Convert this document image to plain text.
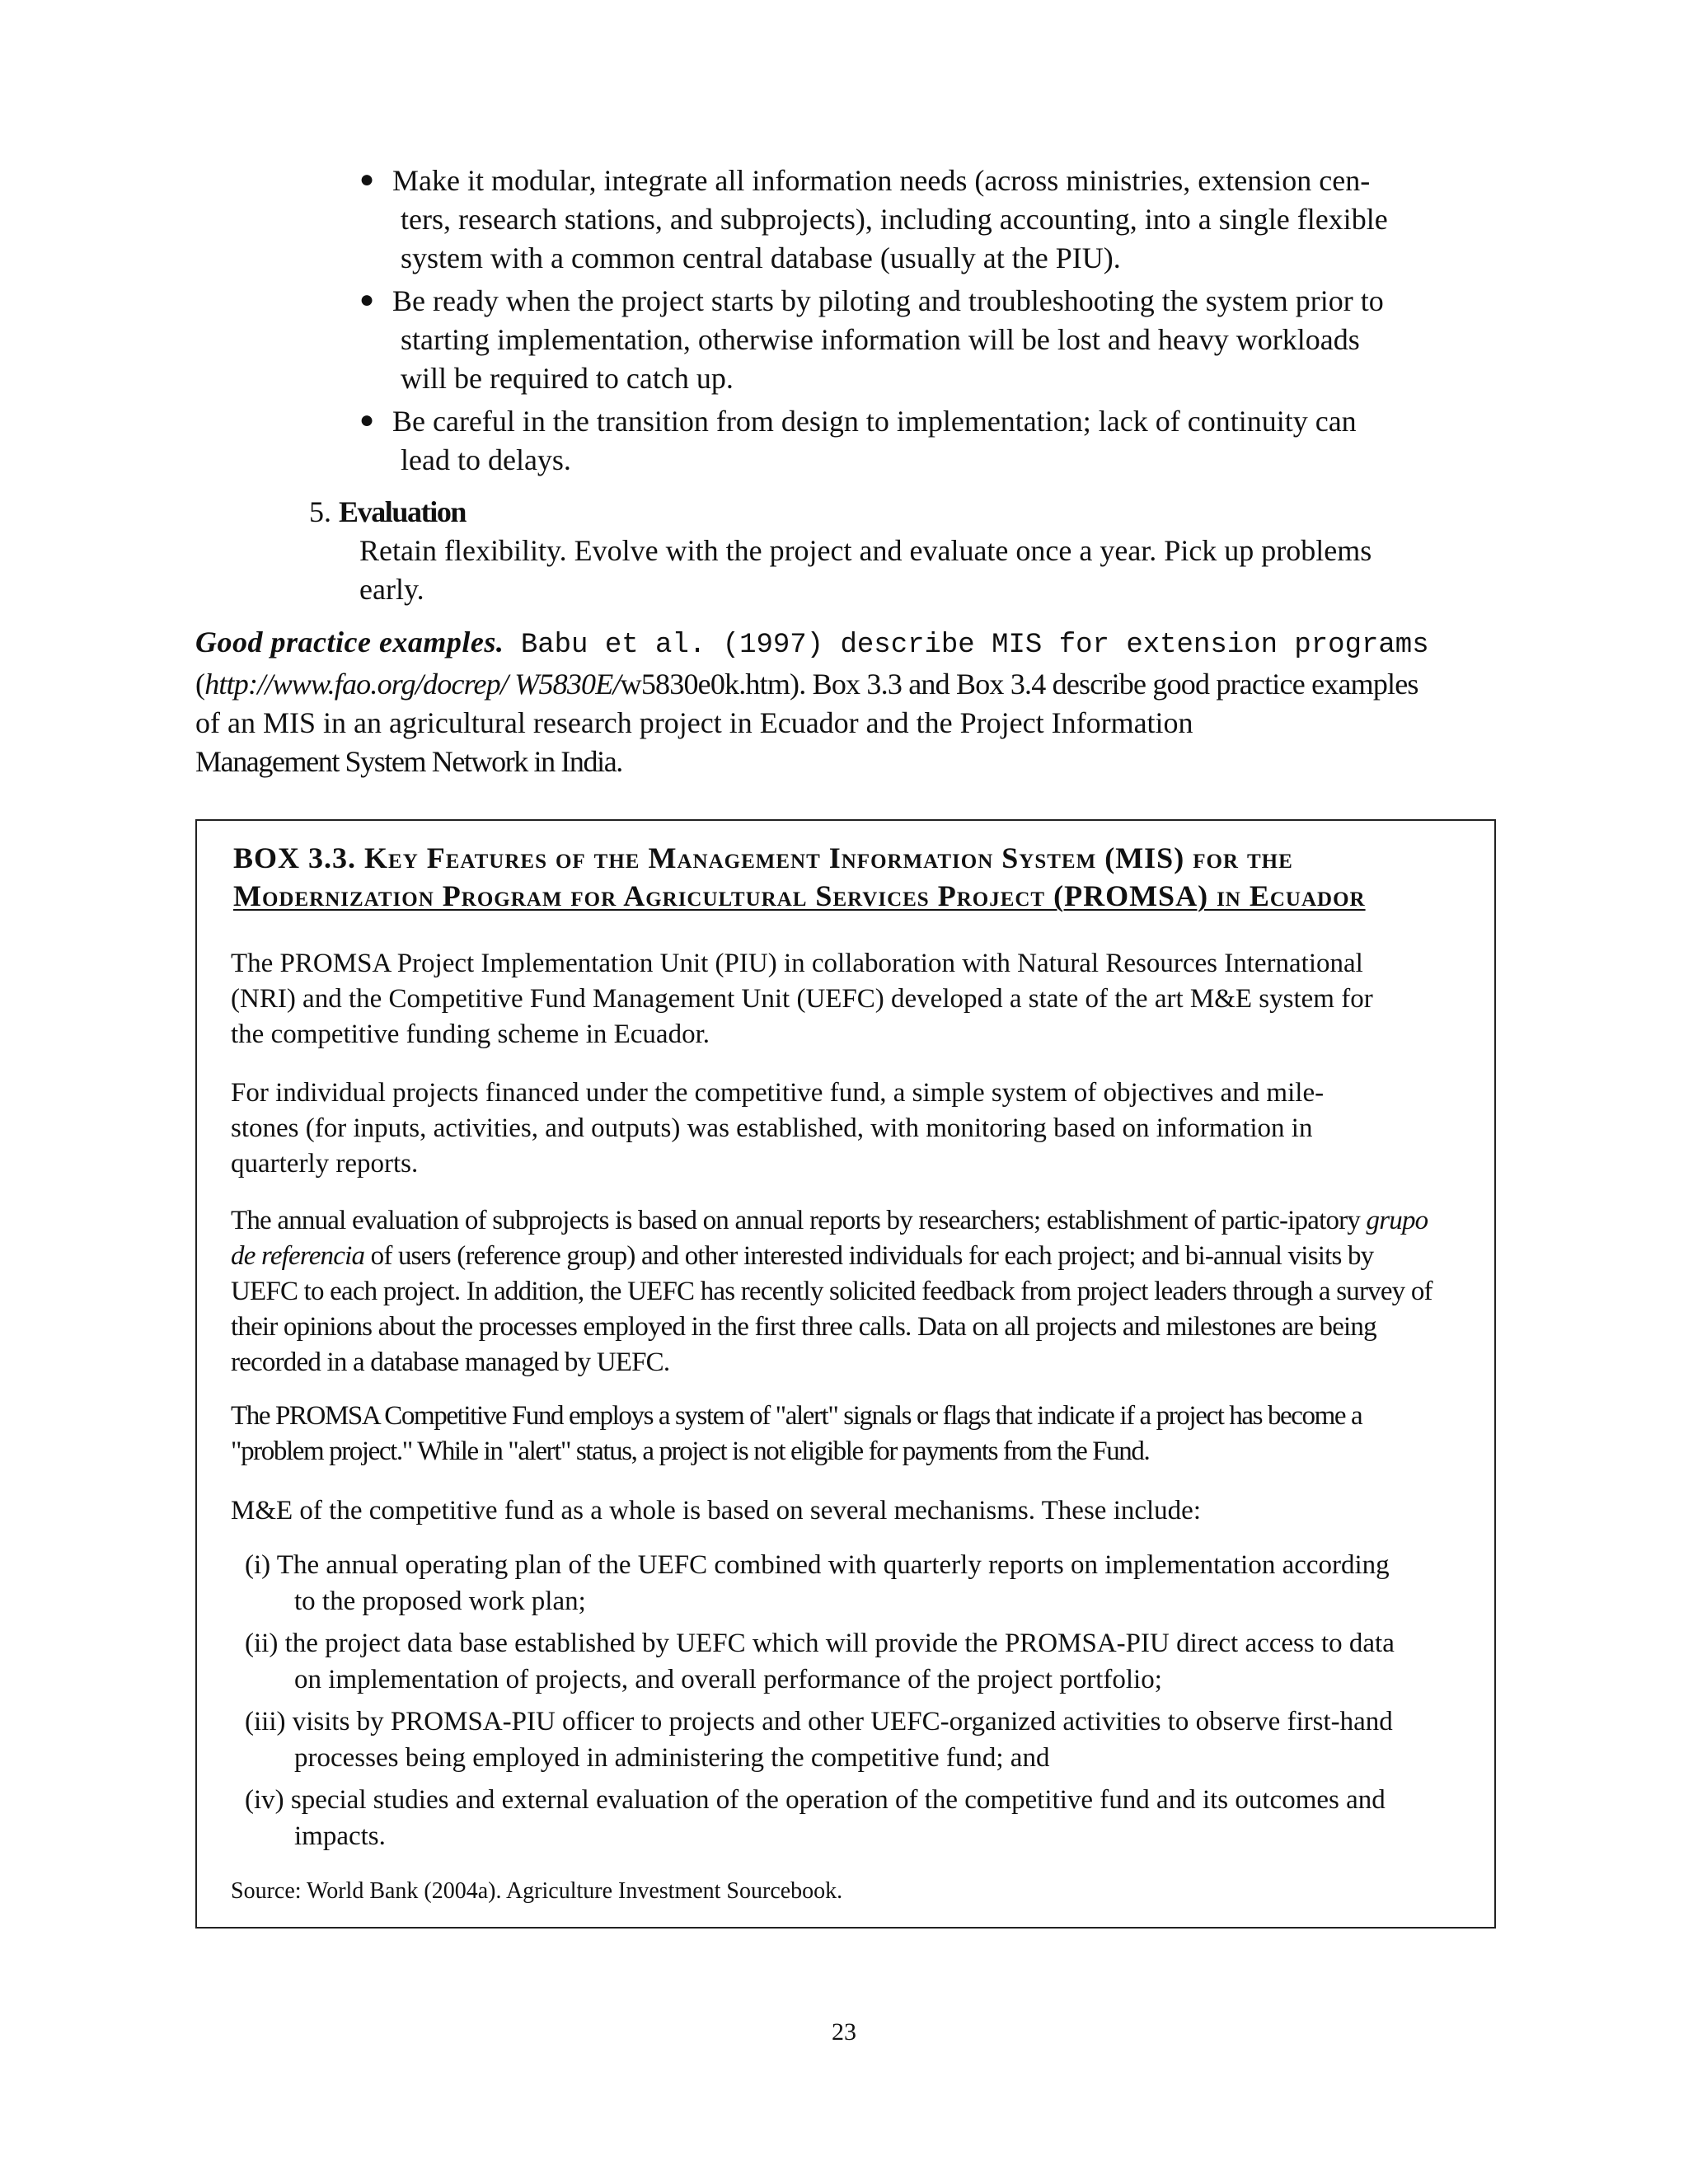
● Make it modular, integrate all information needs (across ministries, extension cen-
ters, research stations, and subprojects), including accounting, into a single flexible system with a common central database (usually at the PIU).
● Be ready when the project starts by piloting and troubleshooting the system prior to
starting implementation, otherwise information will be lost and heavy workloads will be required to catch up.
● Be careful in the transition from design to implementation; lack of continuity can
lead to delays.

5. Evaluation

Retain flexibility. Evolve with the project and evaluate once a year. Pick up problems early.

Good practice examples. Babu et al. (1997) describe MIS for extension programs

(http://www.fao.org/docrep/ W5830E/w5830e0k.htm). Box 3.3 and Box 3.4 describe good practice examples

of an MIS in an agricultural research project in Ecuador and the Project Information

Management System Network in India.

BOX 3.3. Key Features of the Management Information System (MIS) for the
Modernization Program for Agricultural Services Project (PROMSA) in Ecuador

The PROMSA Project Implementation Unit (PIU) in collaboration with Natural Resources International (NRI) and the Competitive Fund Management Unit (UEFC) developed a state of the art M&E system for the competitive funding scheme in Ecuador.

For individual projects financed under the competitive fund, a simple system of objectives and mile-stones (for inputs, activities, and outputs) was established, with monitoring based on information in quarterly reports.

The annual evaluation of subprojects is based on annual reports by researchers; establishment of partic-ipatory grupo de referencia of users (reference group) and other interested individuals for each project; and bi-annual visits by UEFC to each project. In addition, the UEFC has recently solicited feedback from project leaders through a survey of their opinions about the processes employed in the first three calls. Data on all projects and milestones are being recorded in a database managed by UEFC.

The PROMSA Competitive Fund employs a system of "alert" signals or flags that indicate if a project has become a "problem project." While in "alert" status, a project is not eligible for payments from the Fund.

M&E of the competitive fund as a whole is based on several mechanisms. These include:

(i) The annual operating plan of the UEFC combined with quarterly reports on implementation according to the proposed work plan;

(ii) the project data base established by UEFC which will provide the PROMSA-PIU direct access to data on implementation of projects, and overall performance of the project portfolio;

(iii) visits by PROMSA-PIU officer to projects and other UEFC-organized activities to observe first-hand processes being employed in administering the competitive fund; and

(iv) special studies and external evaluation of the operation of the competitive fund and its outcomes and impacts.

Source: World Bank (2004a). Agriculture Investment Sourcebook.

23
